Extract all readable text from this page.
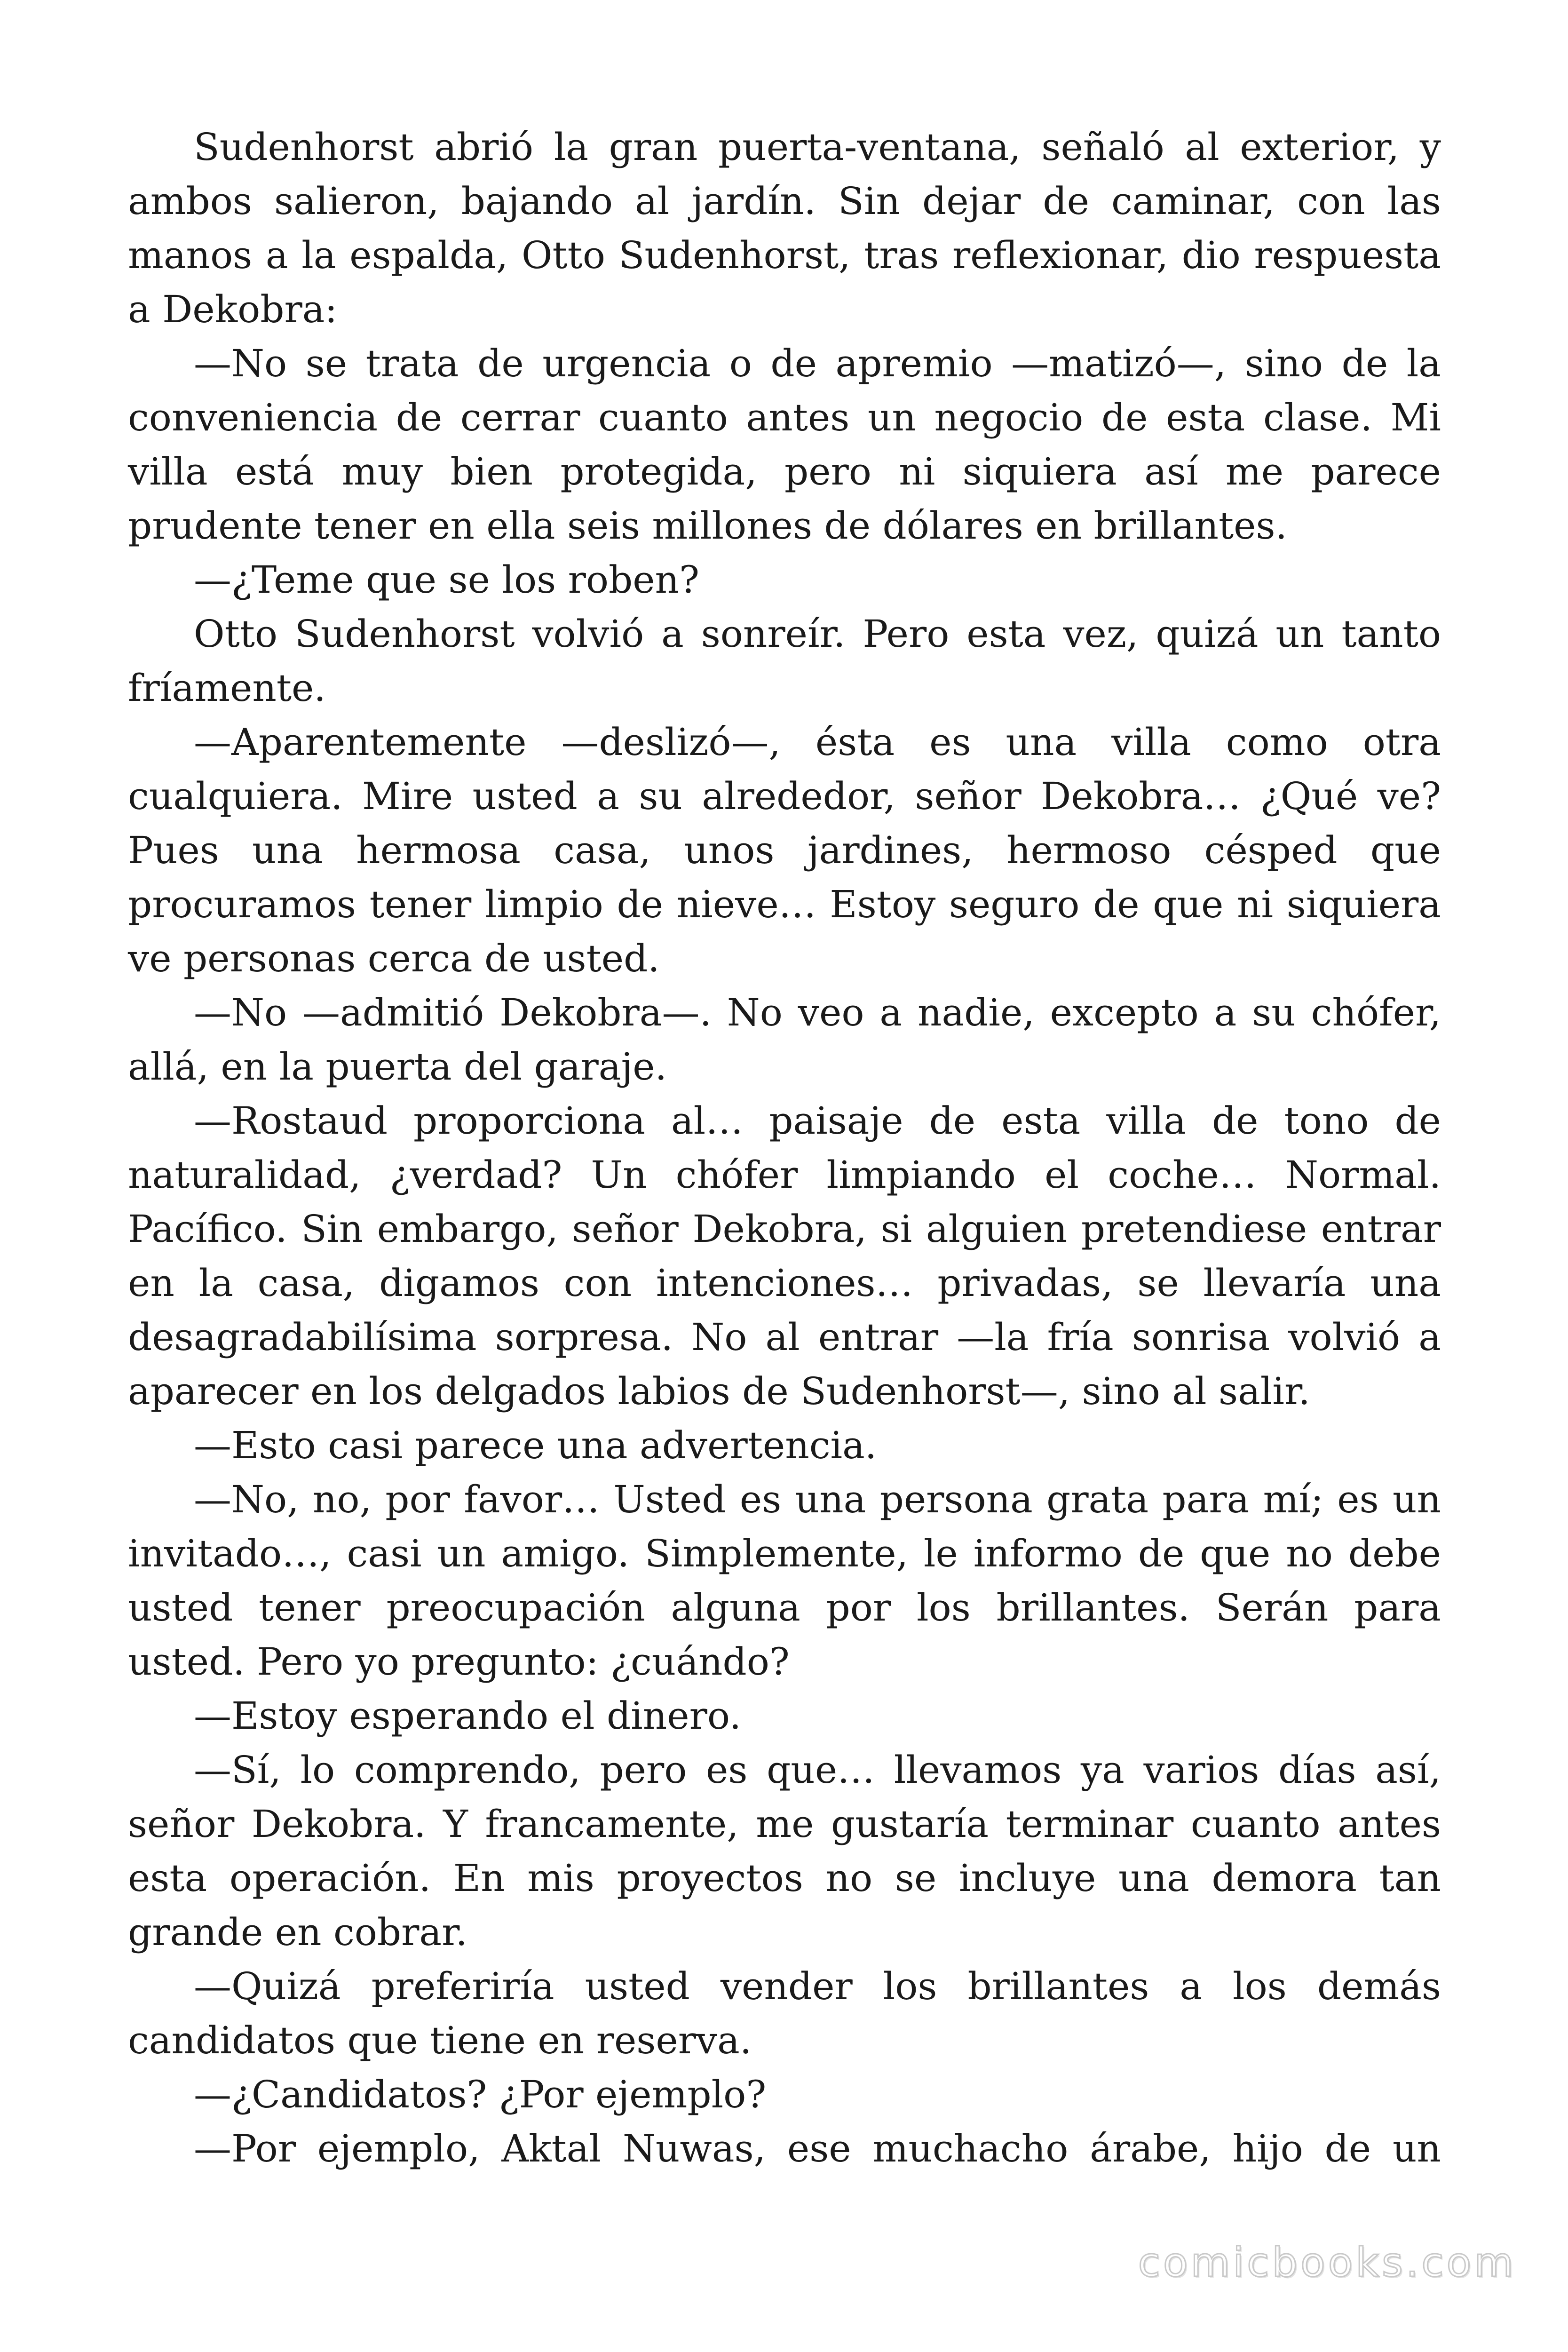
Sudenhorst abrió la gran puerta-ventana, señaló al exterior, y ambos salieron, bajando al jardín. Sin dejar de caminar, con las manos a la espalda, Otto Sudenhorst, tras reflexionar, dio respuesta a Dekobra:

—No se trata de urgencia o de apremio —matizó—, sino de la conveniencia de cerrar cuanto antes un negocio de esta clase. Mi villa está muy bien protegida, pero ni siquiera así me parece prudente tener en ella seis millones de dólares en brillantes.

—¿Teme que se los roben?

Otto Sudenhorst volvió a sonreír. Pero esta vez, quizá un tanto fríamente.

—Aparentemente —deslizó—, ésta es una villa como otra cualquiera. Mire usted a su alrededor, señor Dekobra… ¿Qué ve? Pues una hermosa casa, unos jardines, hermoso césped que procuramos tener limpio de nieve… Estoy seguro de que ni siquiera ve personas cerca de usted.

—No —admitió Dekobra—. No veo a nadie, excepto a su chófer, allá, en la puerta del garaje.

—Rostaud proporciona al… paisaje de esta villa de tono de naturalidad, ¿verdad? Un chófer limpiando el coche… Normal. Pacífico. Sin embargo, señor Dekobra, si alguien pretendiese entrar en la casa, digamos con intenciones… privadas, se llevaría una desagradabilísima sorpresa. No al entrar —la fría sonrisa volvió a aparecer en los delgados labios de Sudenhorst—, sino al salir.

—Esto casi parece una advertencia.

—No, no, por favor… Usted es una persona grata para mí; es un invitado…, casi un amigo. Simplemente, le informo de que no debe usted tener preocupación alguna por los brillantes. Serán para usted. Pero yo pregunto: ¿cuándo?

—Estoy esperando el dinero.

—Sí, lo comprendo, pero es que… llevamos ya varios días así, señor Dekobra. Y francamente, me gustaría terminar cuanto antes esta operación. En mis proyectos no se incluye una demora tan grande en cobrar.

—Quizá preferiría usted vender los brillantes a los demás candidatos que tiene en reserva.

—¿Candidatos? ¿Por ejemplo?

—Por ejemplo, Aktal Nuwas, ese muchacho árabe, hijo de un

comicbooks.com
